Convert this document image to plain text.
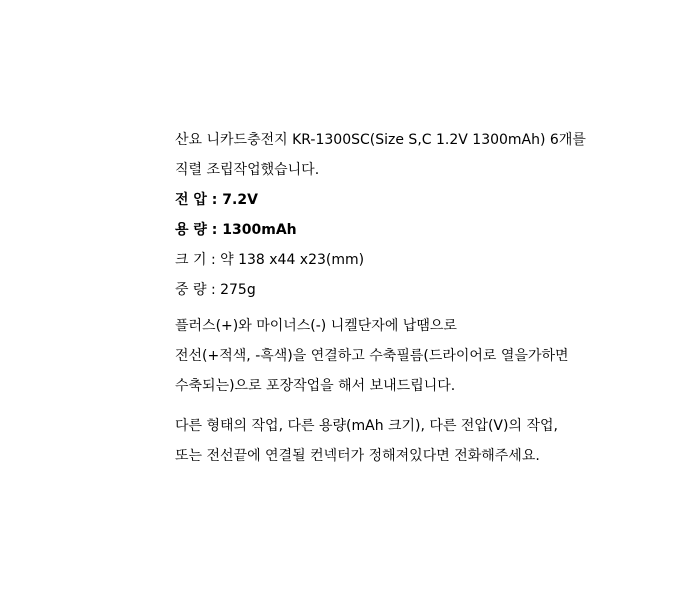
산요 니카드충전지 KR-1300SC(Size S,C 1.2V 1300mAh) 6개를
직렬 조립작업했습니다.
전 압 : 7.2V
용 량 : 1300mAh
크 기 : 약 138 x44 x23(mm)
중 량 : 275g
플러스(+)와 마이너스(-) 니켈단자에 납땜으로
전선(+적색, -흑색)을 연결하고 수축필름(드라이어로 열을가하면
수축되는)으로 포장작업을 해서 보내드립니다.
다른 형태의 작업, 다른 용량(mAh 크기), 다른 전압(V)의 작업,
또는 전선끝에 연결될 컨넥터가 정해져있다면 전화해주세요.
